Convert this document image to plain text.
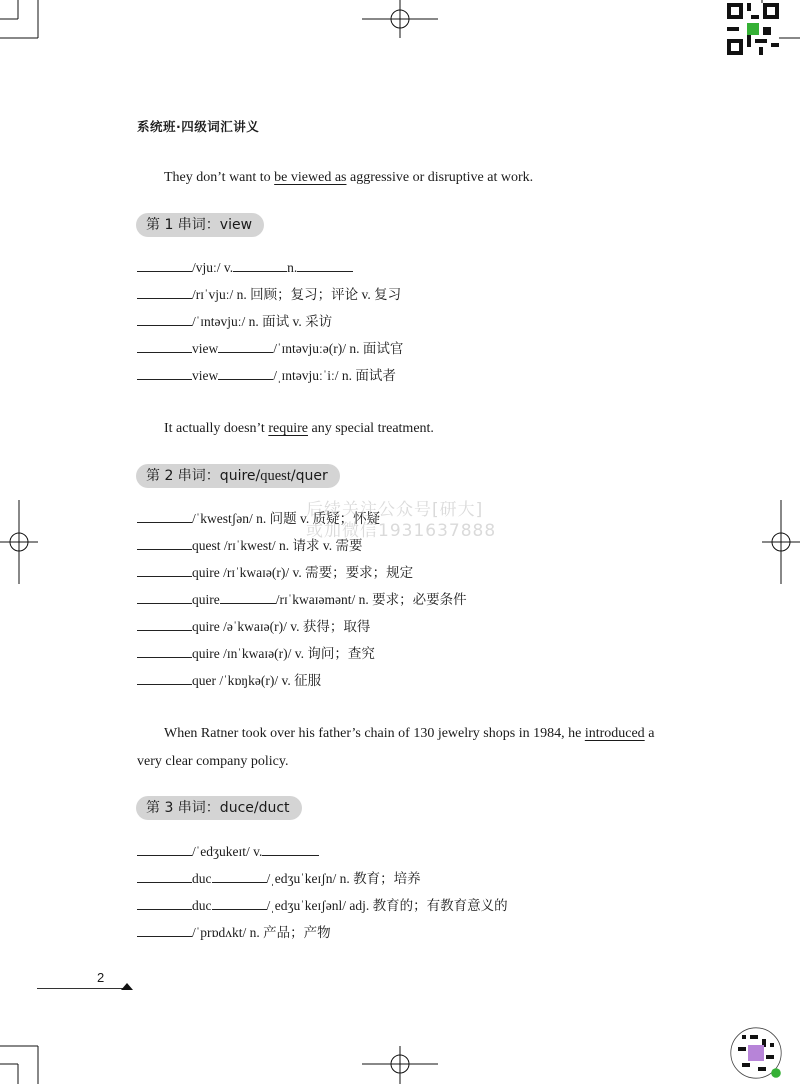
系统班·四级词汇讲义
They don’t want to be viewed as aggressive or disruptive at work.
第 1 串词：view
/vjuː/ v.	n.
/rɪˈvjuː/ n. 回顾；复习；评论 v. 复习
/ˈɪntəvjuː/ n. 面试 v. 采访
view	/ˈɪntəvjuːə(r)/ n. 面试官
view	/ˌɪntəvjuːˈiː/ n. 面试者
It actually doesn’t require any special treatment.
第 2 串词：quire/quest/quer
/ˈkwestʃən/ n. 问题 v. 质疑；怀疑
quest /rɪˈkwest/ n. 请求 v. 需要
quire /rɪˈkwaɪə(r)/ v. 需要；要求；规定
quire	/rɪˈkwaɪəmənt/ n. 要求；必要条件
quire /əˈkwaɪə(r)/ v. 获得；取得
quire /ɪnˈkwaɪə(r)/ v. 询问；查究
quer /ˈkɒŋkə(r)/ v. 征服
When Ratner took over his father’s chain of 130 jewelry shops in 1984, he introduced a
very clear company policy.
第 3 串词：duce/duct
/ˈedʒukeɪt/ v.
duc	/ˌedʒuˈkeɪʃn/ n. 教育；培养
duc	/ˌedʒuˈkeɪʃənl/ adj. 教育的；有教育意义的
/ˈprɒdʌkt/ n. 产品；产物
后续关注公众号[研大]
或加微信1931637888
2
